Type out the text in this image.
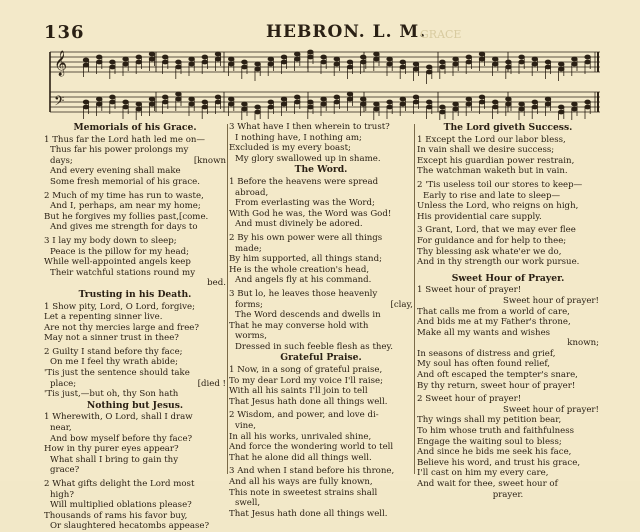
136	HEBRON. L. M.
GRACE
𝄞
𝄢
Memorials of his Grace.
1 Thus far the Lord hath led me on—
Thus far his power prolongs my
days;	[known
And every evening shall make
Some fresh memorial of his grace.
2 Much of my time has run to waste,
And I, perhaps, am near my home;
But he forgives my follies past,[come.
And gives me strength for days to
3 I lay my body down to sleep;
Peace is the pillow for my head;
While well-appointed angels keep
Their watchful stations round my
bed.
Trusting in his Death.
1 Show pity, Lord, O Lord, forgive;
Let a repenting sinner live.
Are not thy mercies large and free?
May not a sinner trust in thee?
2 Guilty I stand before thy face;
On me I feel thy wrath abide;
'Tis just the sentence should take
place;	[died !
'Tis just,—but oh, thy Son hath
Nothing but Jesus.
1 Wherewith, O Lord, shall I draw
near,
And bow myself before thy face?
How in thy purer eyes appear?
What shall I bring to gain thy
grace?
2 What gifts delight the Lord most
high?
Will multiplied oblations please?
Thousands of rams his favor buy,
Or slaughtered hecatombs appease?
3 What have I then wherein to trust?
I nothing have, I nothing am;
Excluded is my every boast;
My glory swallowed up in shame.
The Word.
1 Before the heavens were spread
abroad,
From everlasting was the Word;
With God he was, the Word was God!
And must divinely be adored.
2 By his own power were all things
made;
By him supported, all things stand;
He is the whole creation's head,
And angels fly at his command.
3 But lo, he leaves those heavenly
forms;	[clay,
The Word descends and dwells in
That he may converse hold with
worms,
Dressed in such feeble flesh as they.
Grateful Praise.
1 Now, in a song of grateful praise,
To my dear Lord my voice I'll raise;
With all his saints I'll join to tell
That Jesus hath done all things well.
2 Wisdom, and power, and love di-
vine,
In all his works, unrivaled shine,
And force the wondering world to tell
That he alone did all things well.
3 And when I stand before his throne,
And all his ways are fully known,
This note in sweetest strains shall
swell,
That Jesus hath done all things well.
The Lord giveth Success.
1 Except the Lord our labor bless,
In vain shall we desire success;
Except his guardian power restrain,
The watchman waketh but in vain.
2 'Tis useless toil our stores to keep—
Early to rise and late to sleep—
Unless the Lord, who reigns on high,
His providential care supply.
3 Grant, Lord, that we may ever flee
For guidance and for help to thee;
Thy blessing ask whate'er we do,
And in thy strength our work pursue.
Sweet Hour of Prayer.
1 Sweet hour of prayer!
Sweet hour of prayer!
That calls me from a world of care,
And bids me at my Father's throne,
Make all my wants and wishes
known;
In seasons of distress and grief,
My soul has often found relief,
And oft escaped the tempter's snare,
By thy return, sweet hour of prayer!
2 Sweet hour of prayer!
Sweet hour of prayer!
Thy wings shall my petition bear,
To him whose truth and faithfulness
Engage the waiting soul to bless;
And since he bids me seek his face,
Believe his word, and trust his grace,
I'll cast on him my every care,
And wait for thee, sweet hour of
prayer.
